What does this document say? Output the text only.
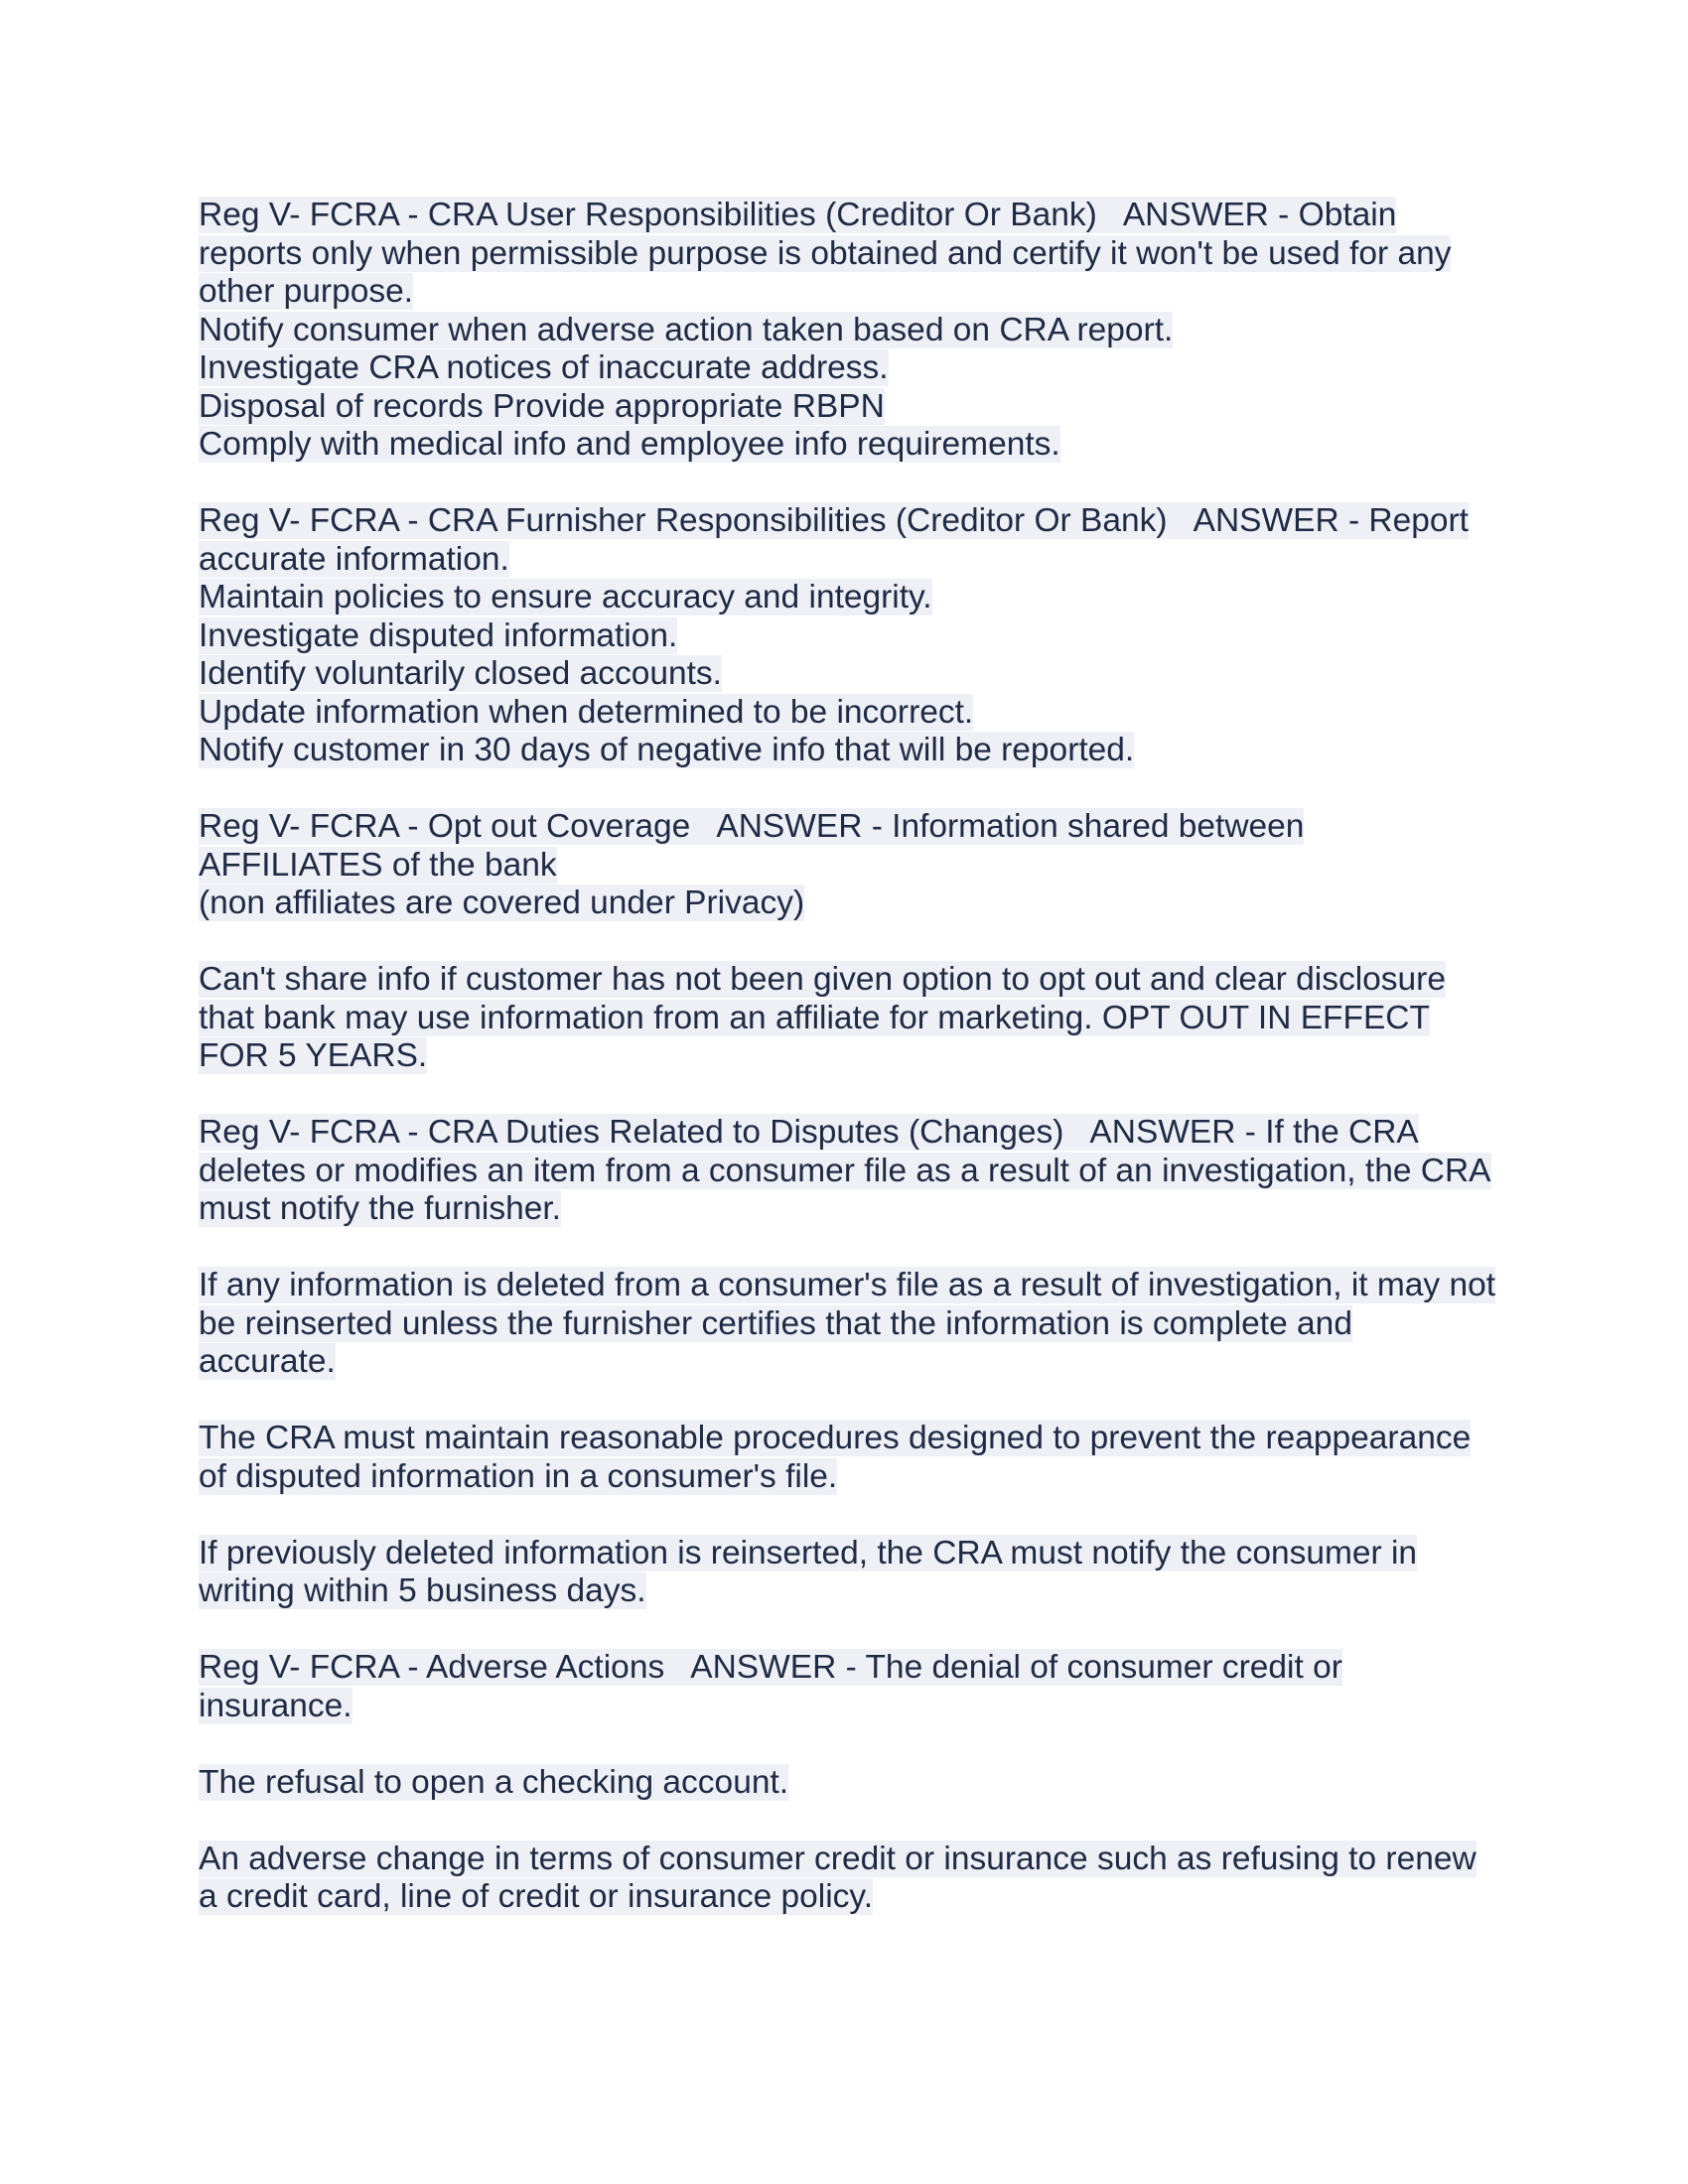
Reg V- FCRA - CRA User Responsibilities (Creditor Or Bank)   ANSWER - Obtain
reports only when permissible purpose is obtained and certify it won't be used for any
other purpose.
Notify consumer when adverse action taken based on CRA report.
Investigate CRA notices of inaccurate address.
Disposal of records Provide appropriate RBPN
Comply with medical info and employee info requirements.
Reg V- FCRA - CRA Furnisher Responsibilities (Creditor Or Bank)   ANSWER - Report
accurate information.
Maintain policies to ensure accuracy and integrity.
Investigate disputed information.
Identify voluntarily closed accounts.
Update information when determined to be incorrect.
Notify customer in 30 days of negative info that will be reported.
Reg V- FCRA - Opt out Coverage   ANSWER - Information shared between
AFFILIATES of the bank
(non affiliates are covered under Privacy)
Can't share info if customer has not been given option to opt out and clear disclosure
that bank may use information from an affiliate for marketing. OPT OUT IN EFFECT
FOR 5 YEARS.
Reg V- FCRA - CRA Duties Related to Disputes (Changes)   ANSWER - If the CRA
deletes or modifies an item from a consumer file as a result of an investigation, the CRA
must notify the furnisher.
If any information is deleted from a consumer's file as a result of investigation, it may not
be reinserted unless the furnisher certifies that the information is complete and
accurate.
The CRA must maintain reasonable procedures designed to prevent the reappearance
of disputed information in a consumer's file.
If previously deleted information is reinserted, the CRA must notify the consumer in
writing within 5 business days.
Reg V- FCRA - Adverse Actions   ANSWER - The denial of consumer credit or
insurance.
The refusal to open a checking account.
An adverse change in terms of consumer credit or insurance such as refusing to renew
a credit card, line of credit or insurance policy.
